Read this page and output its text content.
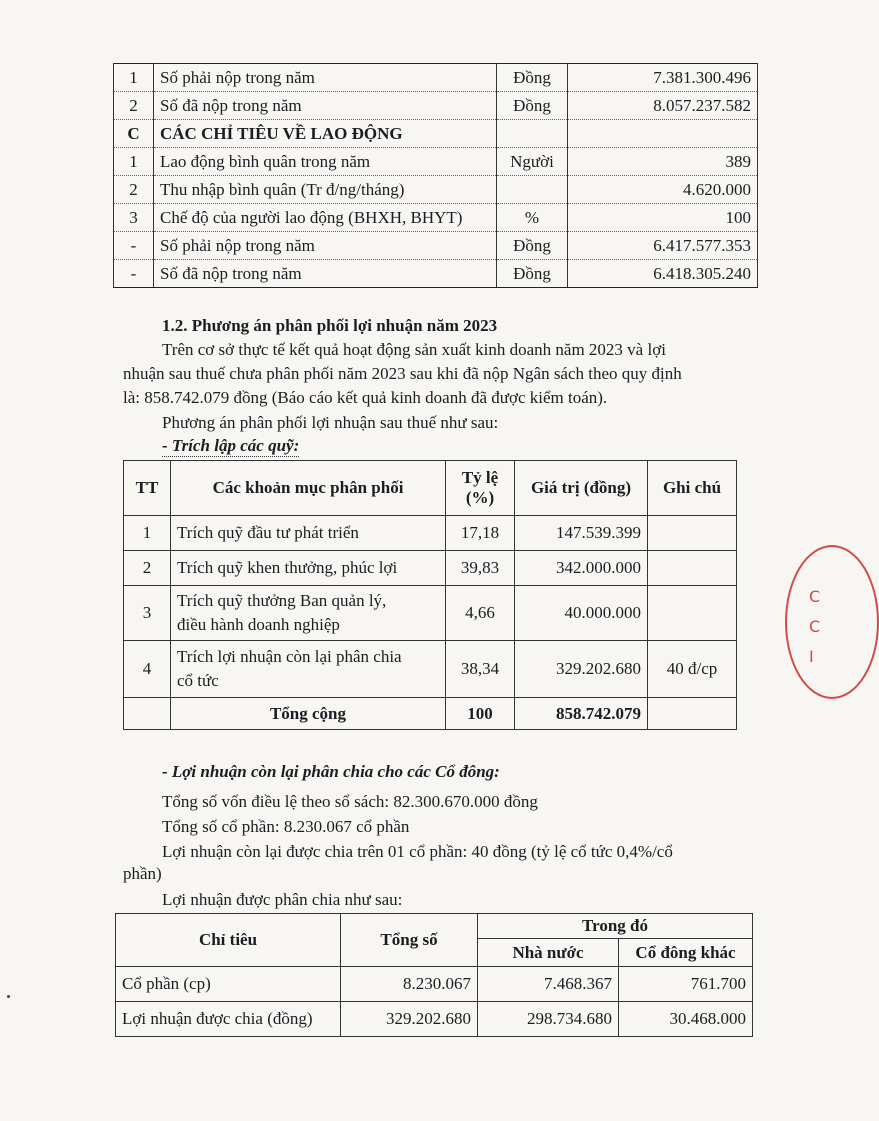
1	Số phải nộp trong năm	Đồng	7.381.300.496
2	Số đã nộp trong năm	Đồng	8.057.237.582
C	CÁC CHỈ TIÊU VỀ LAO ĐỘNG		
1	Lao động bình quân trong năm	Người	389
2	Thu nhập bình quân (Tr đ/ng/tháng)		4.620.000
3	Chế độ của người lao động (BHXH, BHYT)	%	100
-	Số phải nộp trong năm	Đồng	6.417.577.353
-	Số đã nộp trong năm	Đồng	6.418.305.240
1.2. Phương án phân phối lợi nhuận năm 2023
Trên cơ sở thực tế kết quả hoạt động sản xuất kinh doanh năm 2023 và lợi
nhuận sau thuế chưa phân phối năm 2023 sau khi đã nộp Ngân sách theo quy định
là: 858.742.079 đồng (Báo cáo kết quả kinh doanh đã được kiểm toán).
Phương án phân phối lợi nhuận sau thuế như sau:
- Trích lập các quỹ:
TT	Các khoản mục phân phối	Tỷ lệ
(%)	Giá trị (đồng)	Ghi chú
1	Trích quỹ đầu tư phát triển	17,18	147.539.399	
2	Trích quỹ khen thưởng, phúc lợi	39,83	342.000.000	
3	Trích quỹ thưởng Ban quản lý,
điều hành doanh nghiệp	4,66	40.000.000	
4	Trích lợi nhuận còn lại phân chia
cổ tức	38,34	329.202.680	40 đ/cp
	Tổng cộng	100	858.742.079	
- Lợi nhuận còn lại phân chia cho các Cổ đông:
Tổng số vốn điều lệ theo sổ sách: 82.300.670.000 đồng
Tổng số cổ phần: 8.230.067 cổ phần
Lợi nhuận còn lại được chia trên 01 cổ phần: 40 đồng (tỷ lệ cổ tức 0,4%/cổ
phần)
Lợi nhuận được phân chia như sau:
Chỉ tiêu	Tổng số	Trong đó	
		Nhà nước	Cổ đông khác
Cổ phần (cp)	8.230.067	7.468.367	761.700
Lợi nhuận được chia (đồng)	329.202.680	298.734.680	30.468.000
C
C
I
